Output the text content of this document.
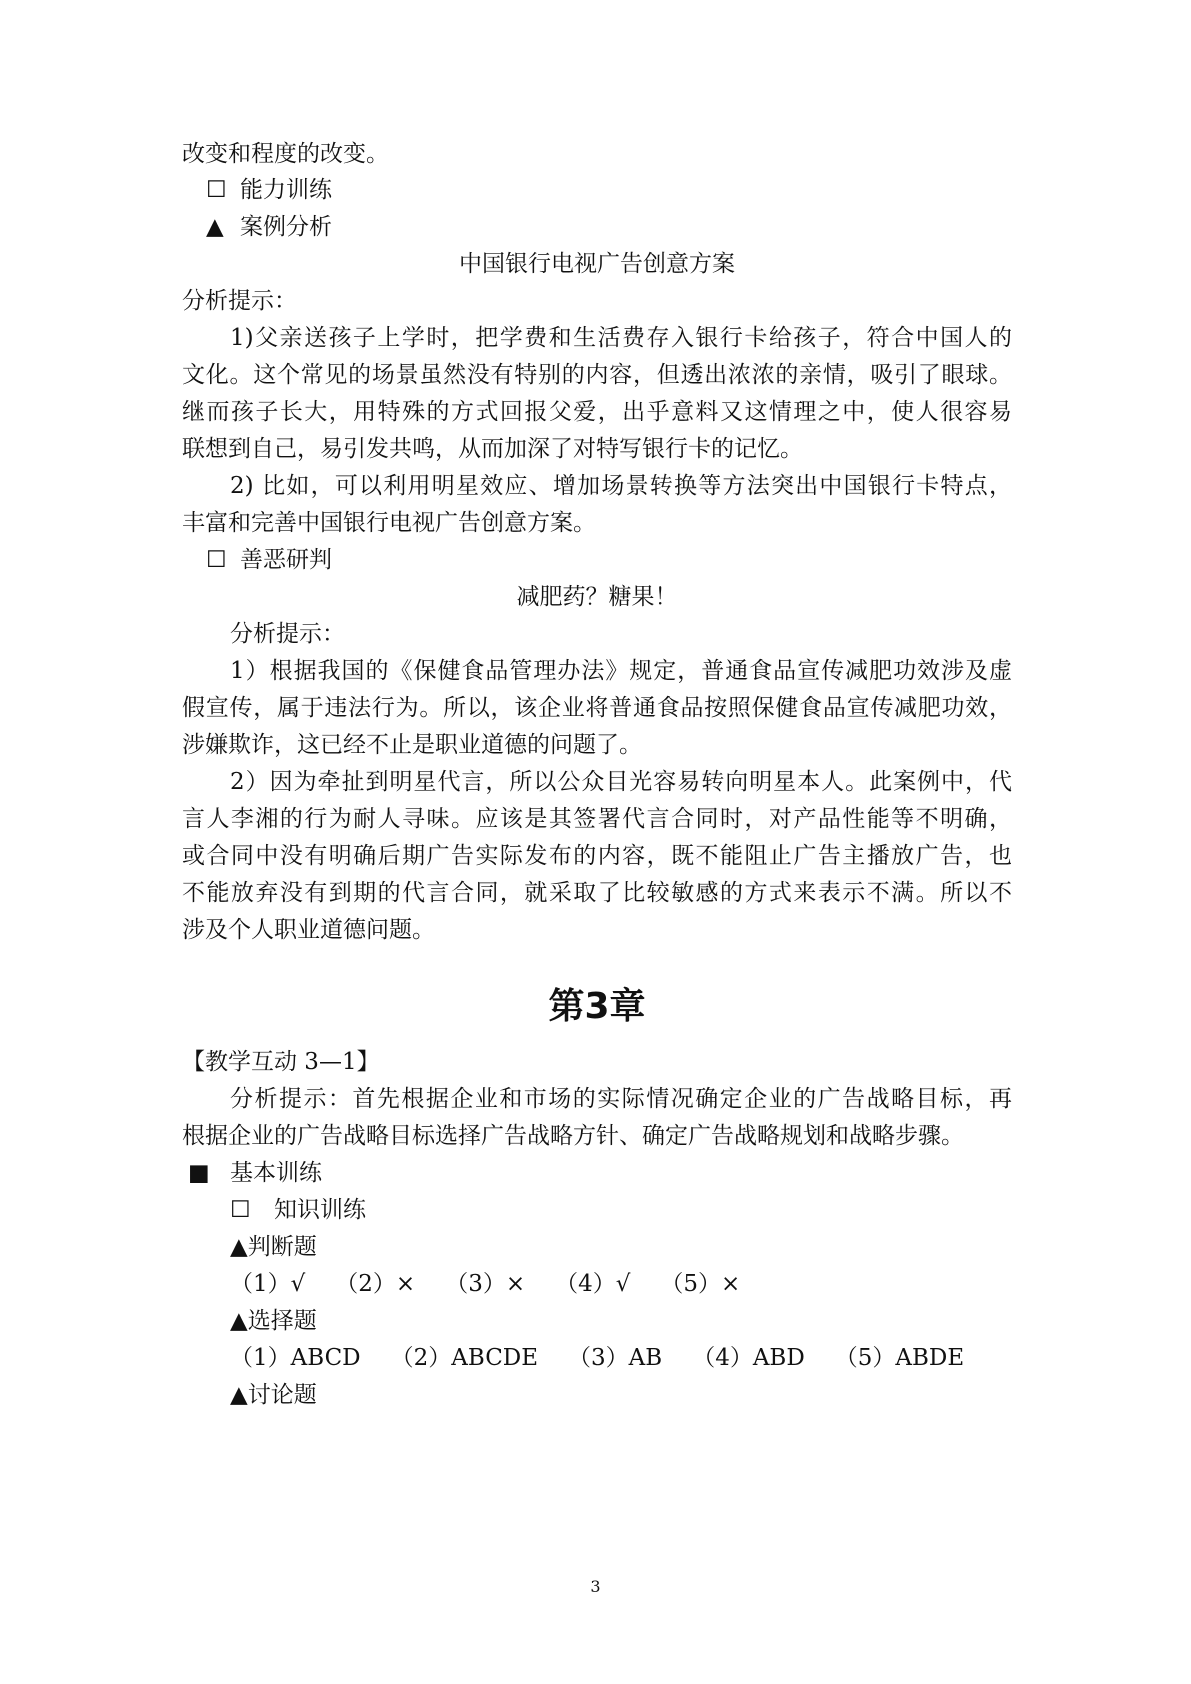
改变和程度的改变。
☐ 能力训练
▲ 案例分析
中国银行电视广告创意方案
分析提示：
1)父亲送孩子上学时，把学费和生活费存入银行卡给孩子，符合中国人的
文化。这个常见的场景虽然没有特别的内容，但透出浓浓的亲情，吸引了眼球。
继而孩子长大，用特殊的方式回报父爱，出乎意料又这情理之中，使人很容易
联想到自己，易引发共鸣，从而加深了对特写银行卡的记忆。
2) 比如，可以利用明星效应、增加场景转换等方法突出中国银行卡特点，
丰富和完善中国银行电视广告创意方案。
☐ 善恶研判
减肥药？糖果！
分析提示：
1）根据我国的《保健食品管理办法》规定，普通食品宣传减肥功效涉及虚
假宣传，属于违法行为。所以，该企业将普通食品按照保健食品宣传减肥功效，
涉嫌欺诈，这已经不止是职业道德的问题了。
2）因为牵扯到明星代言，所以公众目光容易转向明星本人。此案例中，代
言人李湘的行为耐人寻味。应该是其签署代言合同时，对产品性能等不明确，
或合同中没有明确后期广告实际发布的内容，既不能阻止广告主播放广告，也
不能放弃没有到期的代言合同，就采取了比较敏感的方式来表示不满。所以不
涉及个人职业道德问题。
第3章
【教学互动 3—1】
分析提示：首先根据企业和市场的实际情况确定企业的广告战略目标，再
根据企业的广告战略目标选择广告战略方针、确定广告战略规划和战略步骤。
■ 基本训练
☐ 知识训练
▲判断题
（1）√ （2）× （3）× （4）√ （5）×
▲选择题
（1）ABCD （2）ABCDE （3）AB （4）ABD （5）ABDE
▲讨论题
3
